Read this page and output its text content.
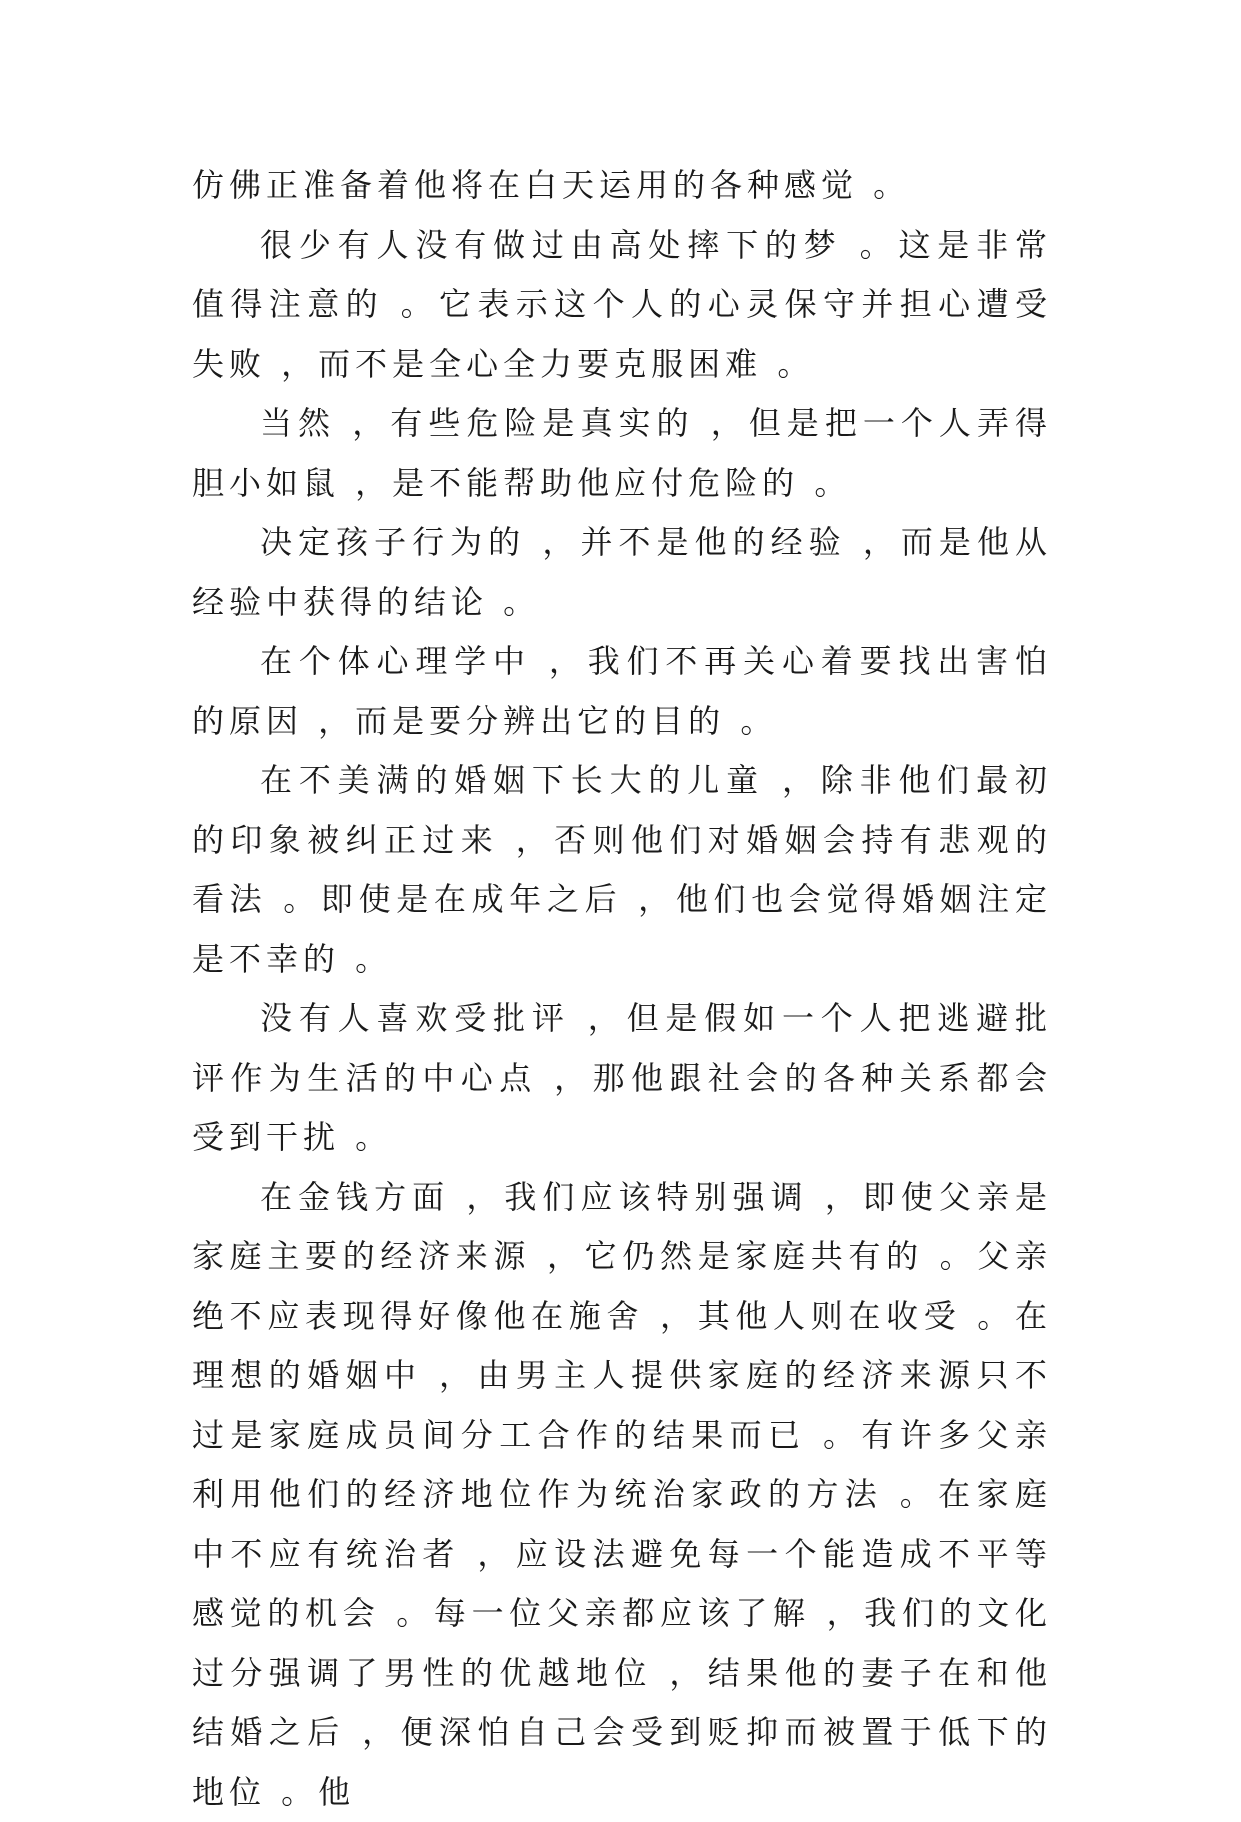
仿佛正准备着他将在白天运用的各种感觉 。

很少有人没有做过由高处摔下的梦 。这是非常值得注意的 。它表示这个人的心灵保守并担心遭受失败 ，而不是全心全力要克服困难 。

当然 ，有些危险是真实的 ，但是把一个人弄得胆小如鼠 ，是不能帮助他应付危险的 。

决定孩子行为的 ，并不是他的经验 ，而是他从经验中获得的结论 。

在个体心理学中 ，我们不再关心着要找出害怕的原因 ，而是要分辨出它的目的 。

在不美满的婚姻下长大的儿童 ，除非他们最初的印象被纠正过来 ，否则他们对婚姻会持有悲观的看法 。即使是在成年之后 ，他们也会觉得婚姻注定是不幸的 。

没有人喜欢受批评 ，但是假如一个人把逃避批评作为生活的中心点 ，那他跟社会的各种关系都会受到干扰 。

在金钱方面 ，我们应该特别强调 ，即使父亲是家庭主要的经济来源 ，它仍然是家庭共有的 。父亲绝不应表现得好像他在施舍 ，其他人则在收受 。在理想的婚姻中 ，由男主人提供家庭的经济来源只不过是家庭成员间分工合作的结果而已 。有许多父亲利用他们的经济地位作为统治家政的方法 。在家庭中不应有统治者 ，应设法避免每一个能造成不平等感觉的机会 。每一位父亲都应该了解 ，我们的文化过分强调了男性的优越地位 ，结果他的妻子在和他结婚之后 ，便深怕自己会受到贬抑而被置于低下的地位 。他
